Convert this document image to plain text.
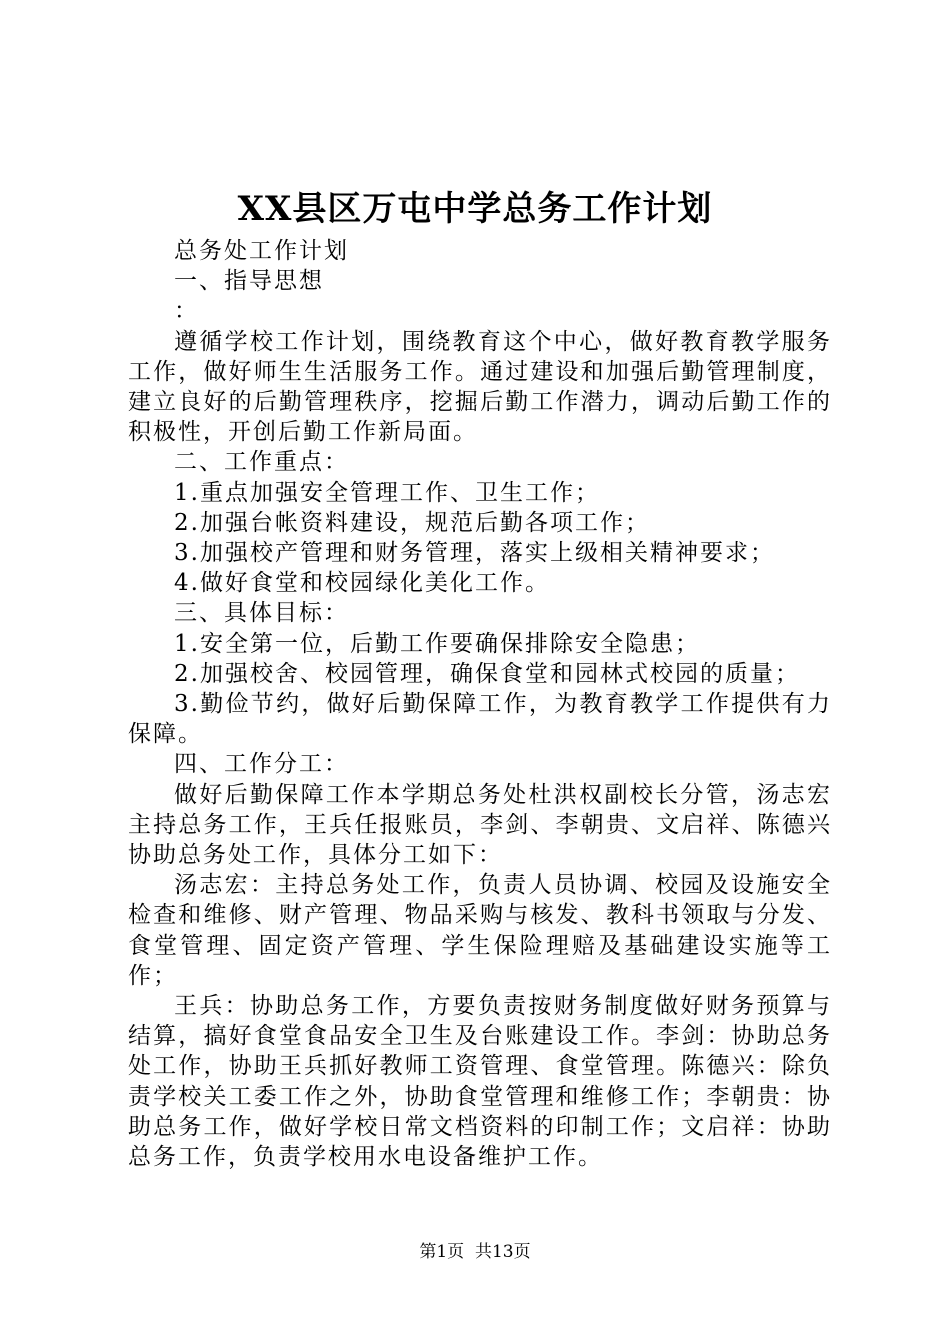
XX县区万屯中学总务工作计划

总务处工作计划

一、指导思想

：

遵循学校工作计划，围绕教育这个中心，做好教育教学服务工作，做好师生生活服务工作。通过建设和加强后勤管理制度，建立良好的后勤管理秩序，挖掘后勤工作潜力，调动后勤工作的积极性，开创后勤工作新局面。

二、工作重点：

1.重点加强安全管理工作、卫生工作；

2.加强台帐资料建设，规范后勤各项工作；

3.加强校产管理和财务管理，落实上级相关精神要求；

4.做好食堂和校园绿化美化工作。

三、具体目标：

1.安全第一位，后勤工作要确保排除安全隐患；

2.加强校舍、校园管理，确保食堂和园林式校园的质量；

3.勤俭节约，做好后勤保障工作，为教育教学工作提供有力保障。

四、工作分工：

做好后勤保障工作本学期总务处杜洪权副校长分管，汤志宏主持总务工作，王兵任报账员，李剑、李朝贵、文启祥、陈德兴协助总务处工作，具体分工如下：

汤志宏：主持总务处工作，负责人员协调、校园及设施安全检查和维修、财产管理、物品采购与核发、教科书领取与分发、食堂管理、固定资产管理、学生保险理赔及基础建设实施等工作；

王兵：协助总务工作，方要负责按财务制度做好财务预算与结算，搞好食堂食品安全卫生及台账建设工作。李剑：协助总务处工作，协助王兵抓好教师工资管理、食堂管理。陈德兴：除负责学校关工委工作之外，协助食堂管理和维修工作；李朝贵：协助总务工作，做好学校日常文档资料的印制工作；文启祥：协助总务工作，负责学校用水电设备维护工作。

第1页  共13页
